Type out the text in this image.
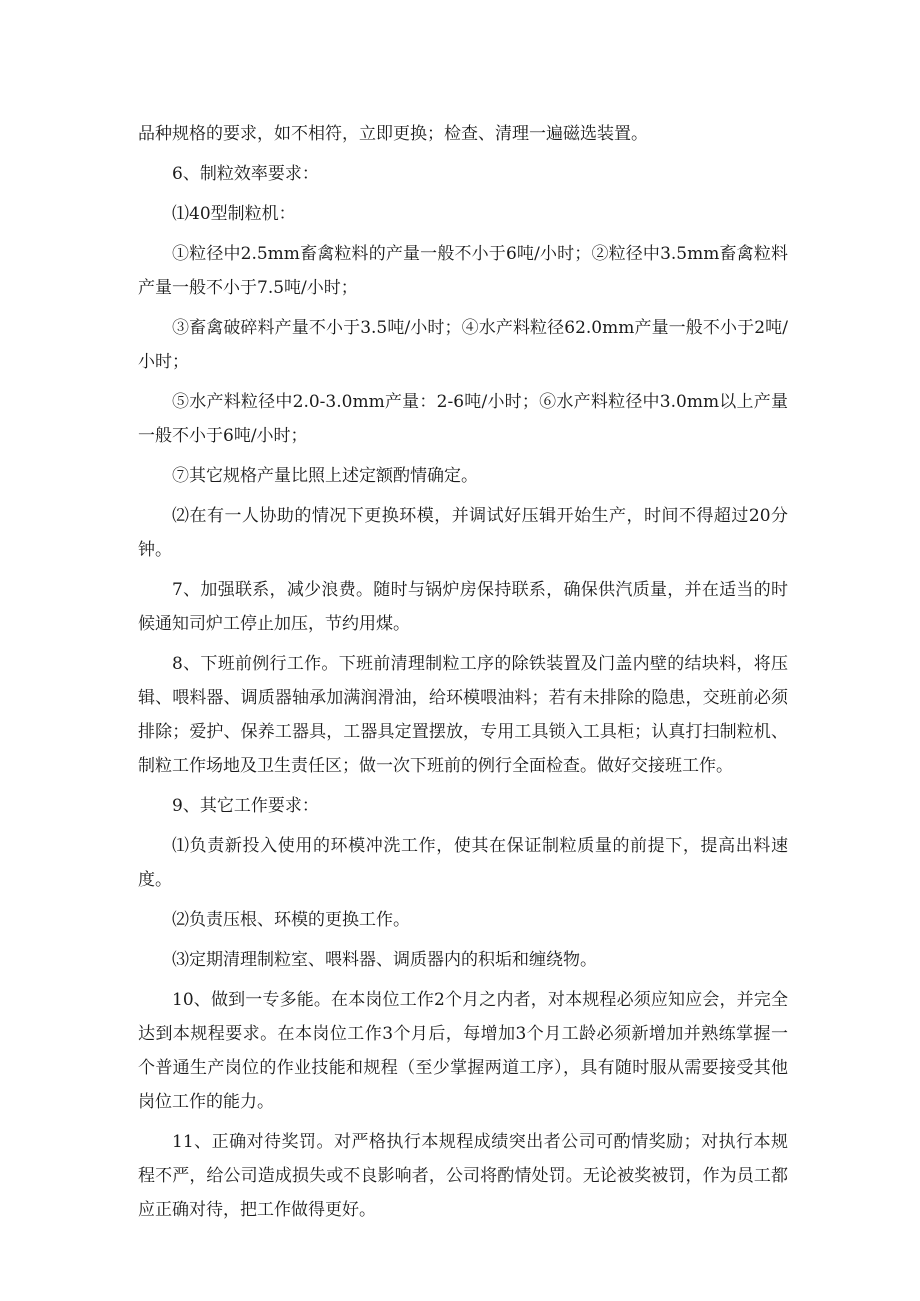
品种规格的要求，如不相符，立即更换；检查、清理一遍磁选装置。

6、制粒效率要求：

⑴40型制粒机：

①粒径中2.5mm畜禽粒料的产量一般不小于6吨/小时；②粒径中3.5mm畜禽粒料产量一般不小于7.5吨/小时；

③畜禽破碎料产量不小于3.5吨/小时；④水产料粒径62.0mm产量一般不小于2吨/小时；

⑤水产料粒径中2.0-3.0mm产量：2-6吨/小时；⑥水产料粒径中3.0mm以上产量一般不小于6吨/小时；

⑦其它规格产量比照上述定额酌情确定。

⑵在有一人协助的情况下更换环模，并调试好压辑开始生产，时间不得超过20分钟。

7、加强联系，减少浪费。随时与锅炉房保持联系，确保供汽质量，并在适当的时候通知司炉工停止加压，节约用煤。

8、下班前例行工作。下班前清理制粒工序的除铁装置及门盖内壁的结块料，将压辑、喂料器、调质器轴承加满润滑油，给环模喂油料；若有未排除的隐患，交班前必须排除；爱护、保养工器具，工器具定置摆放，专用工具锁入工具柜；认真打扫制粒机、制粒工作场地及卫生责任区；做一次下班前的例行全面检查。做好交接班工作。

9、其它工作要求：

⑴负责新投入使用的环模冲洗工作，使其在保证制粒质量的前提下，提高出料速度。

⑵负责压根、环模的更换工作。

⑶定期清理制粒室、喂料器、调质器内的积垢和缠绕物。

10、做到一专多能。在本岗位工作2个月之内者，对本规程必须应知应会，并完全达到本规程要求。在本岗位工作3个月后，每增加3个月工龄必须新增加并熟练掌握一个普通生产岗位的作业技能和规程（至少掌握两道工序），具有随时服从需要接受其他岗位工作的能力。

11、正确对待奖罚。对严格执行本规程成绩突出者公司可酌情奖励；对执行本规程不严，给公司造成损失或不良影响者，公司将酌情处罚。无论被奖被罚，作为员工都应正确对待，把工作做得更好。
